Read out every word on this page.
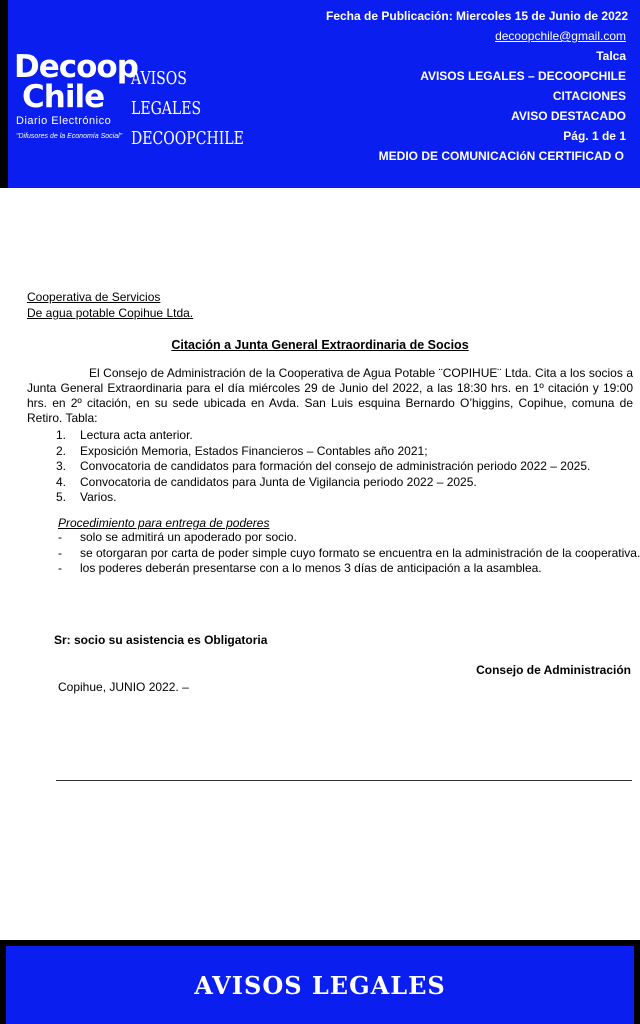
Decoop
Chile
Diario Electrónico
"Difusores de la Economía Social"
AVISOS
LEGALES
DECOOPCHILE
Fecha de Publicación: Miercoles 15 de Junio de 2022
decoopchile@gmail.com
Talca
AVISOS LEGALES – DECOOPCHILE
CITACIONES
AVISO DESTACADO
Pág. 1 de 1
MEDIO DE COMUNICACIóN CERTIFICAD O
Cooperativa de Servicios
De agua potable Copihue Ltda.
Citación a Junta General Extraordinaria de Socios
El Consejo de Administración de la Cooperativa de Agua Potable ¨COPIHUE¨ Ltda. Cita a los socios a Junta General Extraordinaria para el día miércoles 29 de Junio del 2022, a las 18:30 hrs. en 1º citación y 19:00 hrs. en 2º citación, en su sede ubicada en Avda. San Luis esquina Bernardo O’higgins, Copihue, comuna de Retiro. Tabla:
1. Lectura acta anterior.
2. Exposición Memoria, Estados Financieros – Contables año 2021;
3. Convocatoria de candidatos para formación del consejo de administración periodo 2022 – 2025.
4. Convocatoria de candidatos para Junta de Vigilancia periodo 2022 – 2025.
5. Varios.
Procedimiento para entrega de poderes
- solo se admitirá un apoderado por socio.
- se otorgaran por carta de poder simple cuyo formato se encuentra en la administración de la cooperativa.
- los poderes deberán presentarse con a lo menos 3 días de anticipación a la asamblea.
Sr: socio su asistencia es Obligatoria
Consejo de Administración
Copihue, JUNIO 2022. –
AVISOS LEGALES
